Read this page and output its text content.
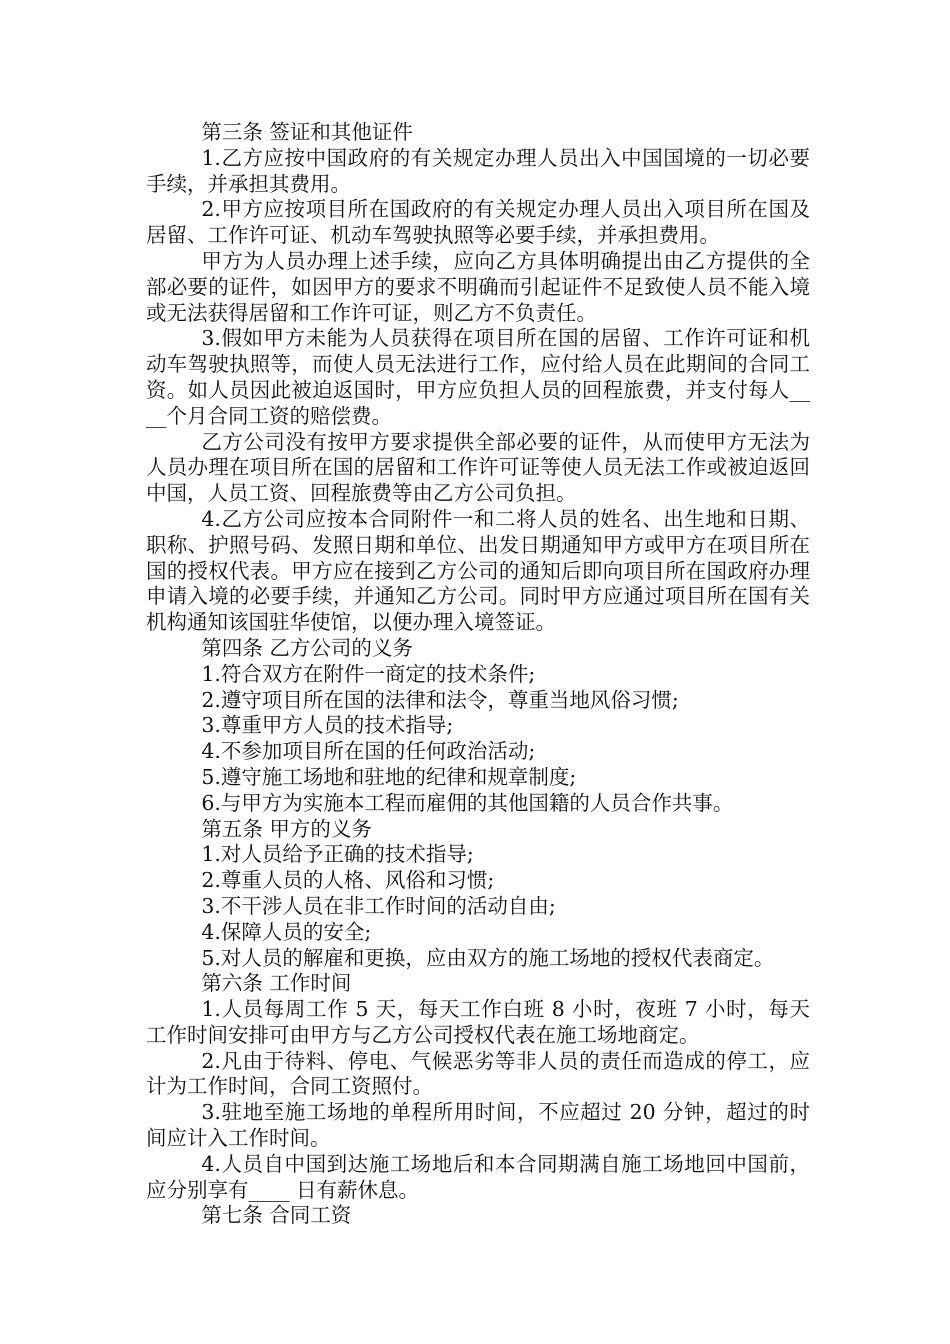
第三条 签证和其他证件

1.乙方应按中国政府的有关规定办理人员出入中国国境的一切必要手续，并承担其费用。

2.甲方应按项目所在国政府的有关规定办理人员出入项目所在国及居留、工作许可证、机动车驾驶执照等必要手续，并承担费用。

甲方为人员办理上述手续，应向乙方具体明确提出由乙方提供的全部必要的证件，如因甲方的要求不明确而引起证件不足致使人员不能入境或无法获得居留和工作许可证，则乙方不负责任。

3.假如甲方未能为人员获得在项目所在国的居留、工作许可证和机动车驾驶执照等，而使人员无法进行工作，应付给人员在此期间的合同工资。如人员因此被迫返国时，甲方应负担人员的回程旅费，并支付每人____个月合同工资的赔偿费。

乙方公司没有按甲方要求提供全部必要的证件，从而使甲方无法为人员办理在项目所在国的居留和工作许可证等使人员无法工作或被迫返回中国，人员工资、回程旅费等由乙方公司负担。

4.乙方公司应按本合同附件一和二将人员的姓名、出生地和日期、职称、护照号码、发照日期和单位、出发日期通知甲方或甲方在项目所在国的授权代表。甲方应在接到乙方公司的通知后即向项目所在国政府办理申请入境的必要手续，并通知乙方公司。同时甲方应通过项目所在国有关机构通知该国驻华使馆，以便办理入境签证。

第四条 乙方公司的义务

1.符合双方在附件一商定的技术条件;

2.遵守项目所在国的法律和法令，尊重当地风俗习惯;

3.尊重甲方人员的技术指导;

4.不参加项目所在国的任何政治活动;

5.遵守施工场地和驻地的纪律和规章制度;

6.与甲方为实施本工程而雇佣的其他国籍的人员合作共事。

第五条 甲方的义务

1.对人员给予正确的技术指导;

2.尊重人员的人格、风俗和习惯;

3.不干涉人员在非工作时间的活动自由;

4.保障人员的安全;

5.对人员的解雇和更换，应由双方的施工场地的授权代表商定。

第六条 工作时间

1.人员每周工作 5 天，每天工作白班 8 小时，夜班 7 小时，每天工作时间安排可由甲方与乙方公司授权代表在施工场地商定。

2.凡由于待料、停电、气候恶劣等非人员的责任而造成的停工，应计为工作时间，合同工资照付。

3.驻地至施工场地的单程所用时间，不应超过 20 分钟，超过的时间应计入工作时间。

4.人员自中国到达施工场地后和本合同期满自施工场地回中国前，应分别享有____ 日有薪休息。

第七条 合同工资
